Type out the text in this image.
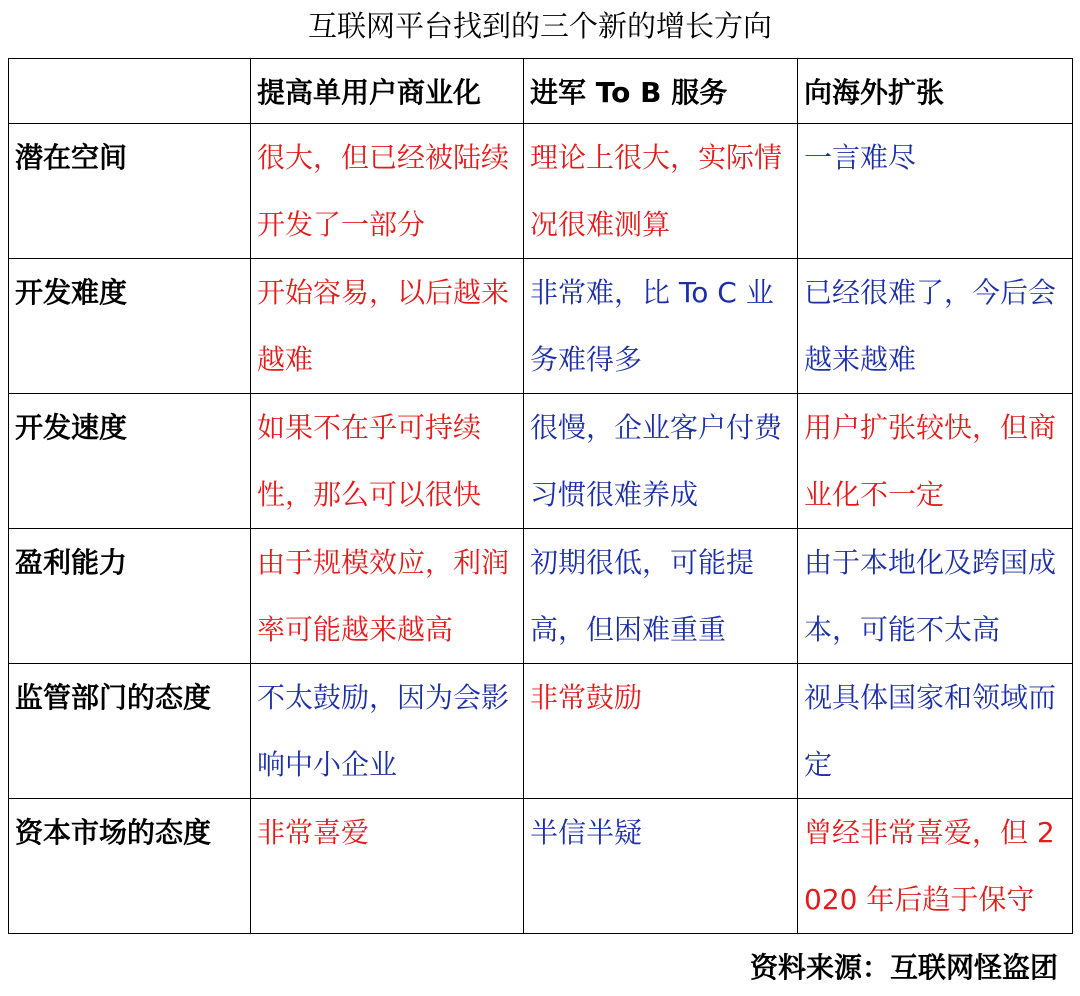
互联网平台找到的三个新的增长方向
	提高单用户商业化	进军 To B 服务	向海外扩张
潜在空间	很大，但已经被陆续开发了一部分	理论上很大，实际情况很难测算	一言难尽
开发难度	开始容易，以后越来越难	非常难，比 To C 业务难得多	已经很难了，今后会越来越难
开发速度	如果不在乎可持续性，那么可以很快	很慢，企业客户付费习惯很难养成	用户扩张较快，但商业化不一定
盈利能力	由于规模效应，利润率可能越来越高	初期很低，可能提高，但困难重重	由于本地化及跨国成本，可能不太高
监管部门的态度	不太鼓励，因为会影响中小企业	非常鼓励	视具体国家和领域而定
资本市场的态度	非常喜爱	半信半疑	曾经非常喜爱，但 2020 年后趋于保守
资料来源：互联网怪盗团
